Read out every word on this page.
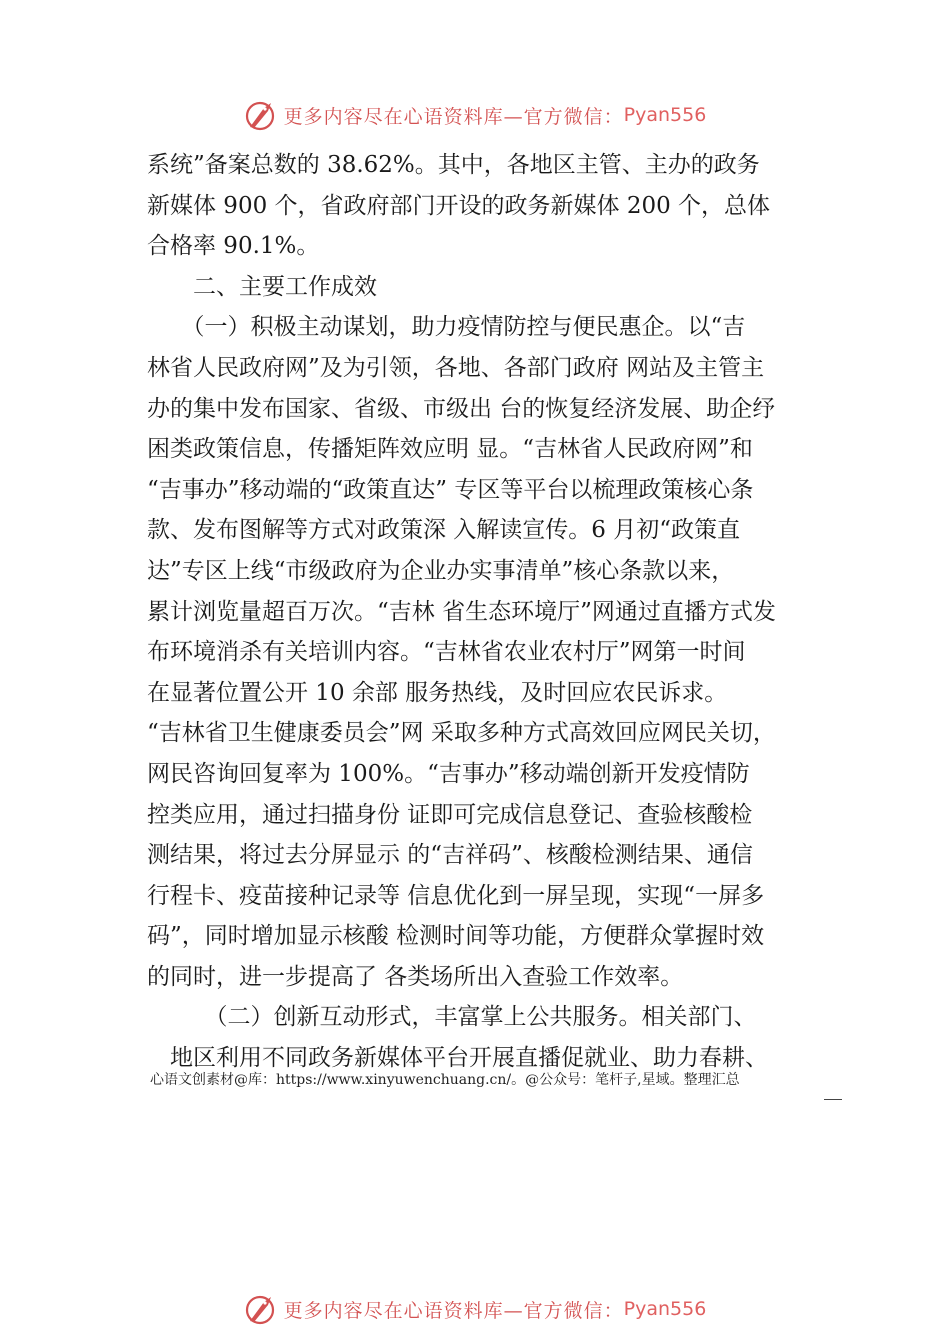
更多内容尽在心语资料库—官方微信： Pyan556
系统”备案总数的 38.62%。其中，各地区主管、主办的政务
新媒体 900 个，省政府部门开设的政务新媒体 200 个，总体
合格率 90.1%。
　　二、主要工作成效
　　（一）积极主动谋划，助力疫情防控与便民惠企。以“吉
林省人民政府网”及为引领，各地、各部门政府 网站及主管主
办的集中发布国家、省级、市级出 台的恢复经济发展、助企纾
困类政策信息，传播矩阵效应明 显。“吉林省人民政府网”和
“吉事办”移动端的“政策直达” 专区等平台以梳理政策核心条
款、发布图解等方式对政策深 入解读宣传。6 月初“政策直
达”专区上线“市级政府为企业办实事清单”核心条款以来，
累计浏览量超百万次。“吉林 省生态环境厅”网通过直播方式发
布环境消杀有关培训内容。“吉林省农业农村厅”网第一时间
在显著位置公开 10 余部 服务热线，及时回应农民诉求。
“吉林省卫生健康委员会”网 采取多种方式高效回应网民关切，
网民咨询回复率为 100%。“吉事办”移动端创新开发疫情防
控类应用，通过扫描身份 证即可完成信息登记、查验核酸检
测结果，将过去分屏显示 的“吉祥码”、核酸检测结果、通信
行程卡、疫苗接种记录等 信息优化到一屏呈现，实现“一屏多
码”，同时增加显示核酸 检测时间等功能，方便群众掌握时效
的同时，进一步提高了 各类场所出入查验工作效率。
　　　（二）创新互动形式，丰富掌上公共服务。相关部门、
　地区利用不同政务新媒体平台开展直播促就业、助力春耕、
心语文创素材@库：https://www.xinyuwenchuang.cn/。@公众号：笔杆子,星域。整理汇总
更多内容尽在心语资料库—官方微信： Pyan556
